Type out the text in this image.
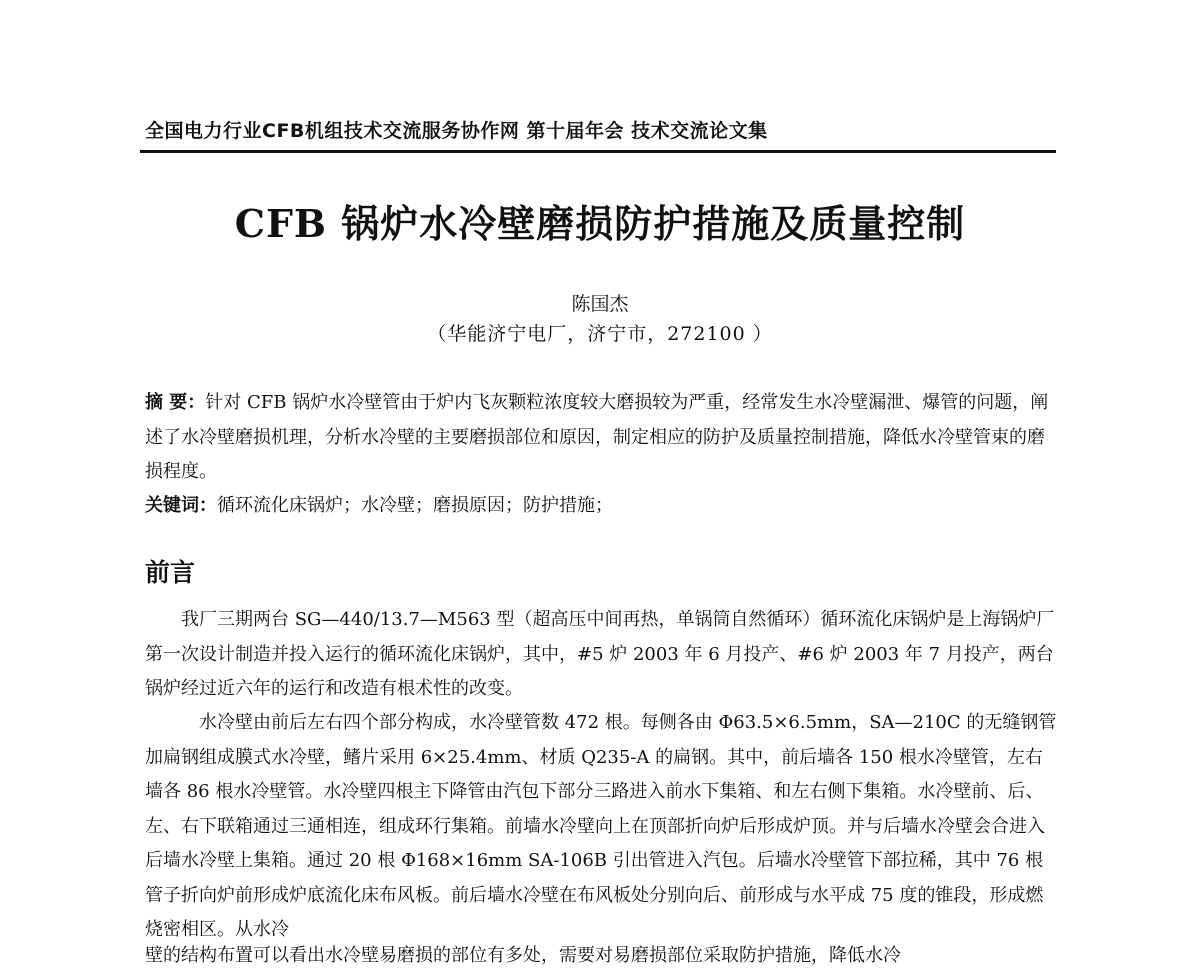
全国电力行业CFB机组技术交流服务协作网 第十届年会 技术交流论文集
CFB 锅炉水冷壁磨损防护措施及质量控制
陈国杰
（华能济宁电厂，济宁市，272100 ）
摘 要：针对 CFB 锅炉水冷壁管由于炉内飞灰颗粒浓度较大磨损较为严重，经常发生水冷壁漏泄、爆管的问题，阐述了水冷壁磨损机理，分析水冷壁的主要磨损部位和原因，制定相应的防护及质量控制措施，降低水冷壁管束的磨损程度。
关键词：循环流化床锅炉；水冷壁；磨损原因；防护措施；
前言
我厂三期两台 SG—440/13.7—M563 型（超高压中间再热，单锅筒自然循环）循环流化床锅炉是上海锅炉厂第一次设计制造并投入运行的循环流化床锅炉，其中，#5 炉 2003 年 6 月投产、#6 炉 2003 年 7 月投产，两台锅炉经过近六年的运行和改造有根术性的改变。
水冷壁由前后左右四个部分构成，水冷壁管数 472 根。每侧各由 Φ63.5×6.5mm，SA—210C 的无缝钢管加扁钢组成膜式水冷壁，鳍片采用 6×25.4mm、材质 Q235-A 的扁钢。其中，前后墙各 150 根水冷壁管，左右墙各 86 根水冷壁管。水冷壁四根主下降管由汽包下部分三路进入前水下集箱、和左右侧下集箱。水冷壁前、后、左、右下联箱通过三通相连，组成环行集箱。前墙水冷壁向上在顶部折向炉后形成炉顶。并与后墙水冷壁会合进入后墙水冷壁上集箱。通过 20 根 Φ168×16mm SA-106B 引出管进入汽包。后墙水冷壁管下部拉稀，其中 76 根管子折向炉前形成炉底流化床布风板。前后墙水冷壁在布风板处分别向后、前形成与水平成 75 度的锥段，形成燃烧密相区。从水冷
壁的结构布置可以看出水冷壁易磨损的部位有多处，需要对易磨损部位采取防护措施，降低水冷
